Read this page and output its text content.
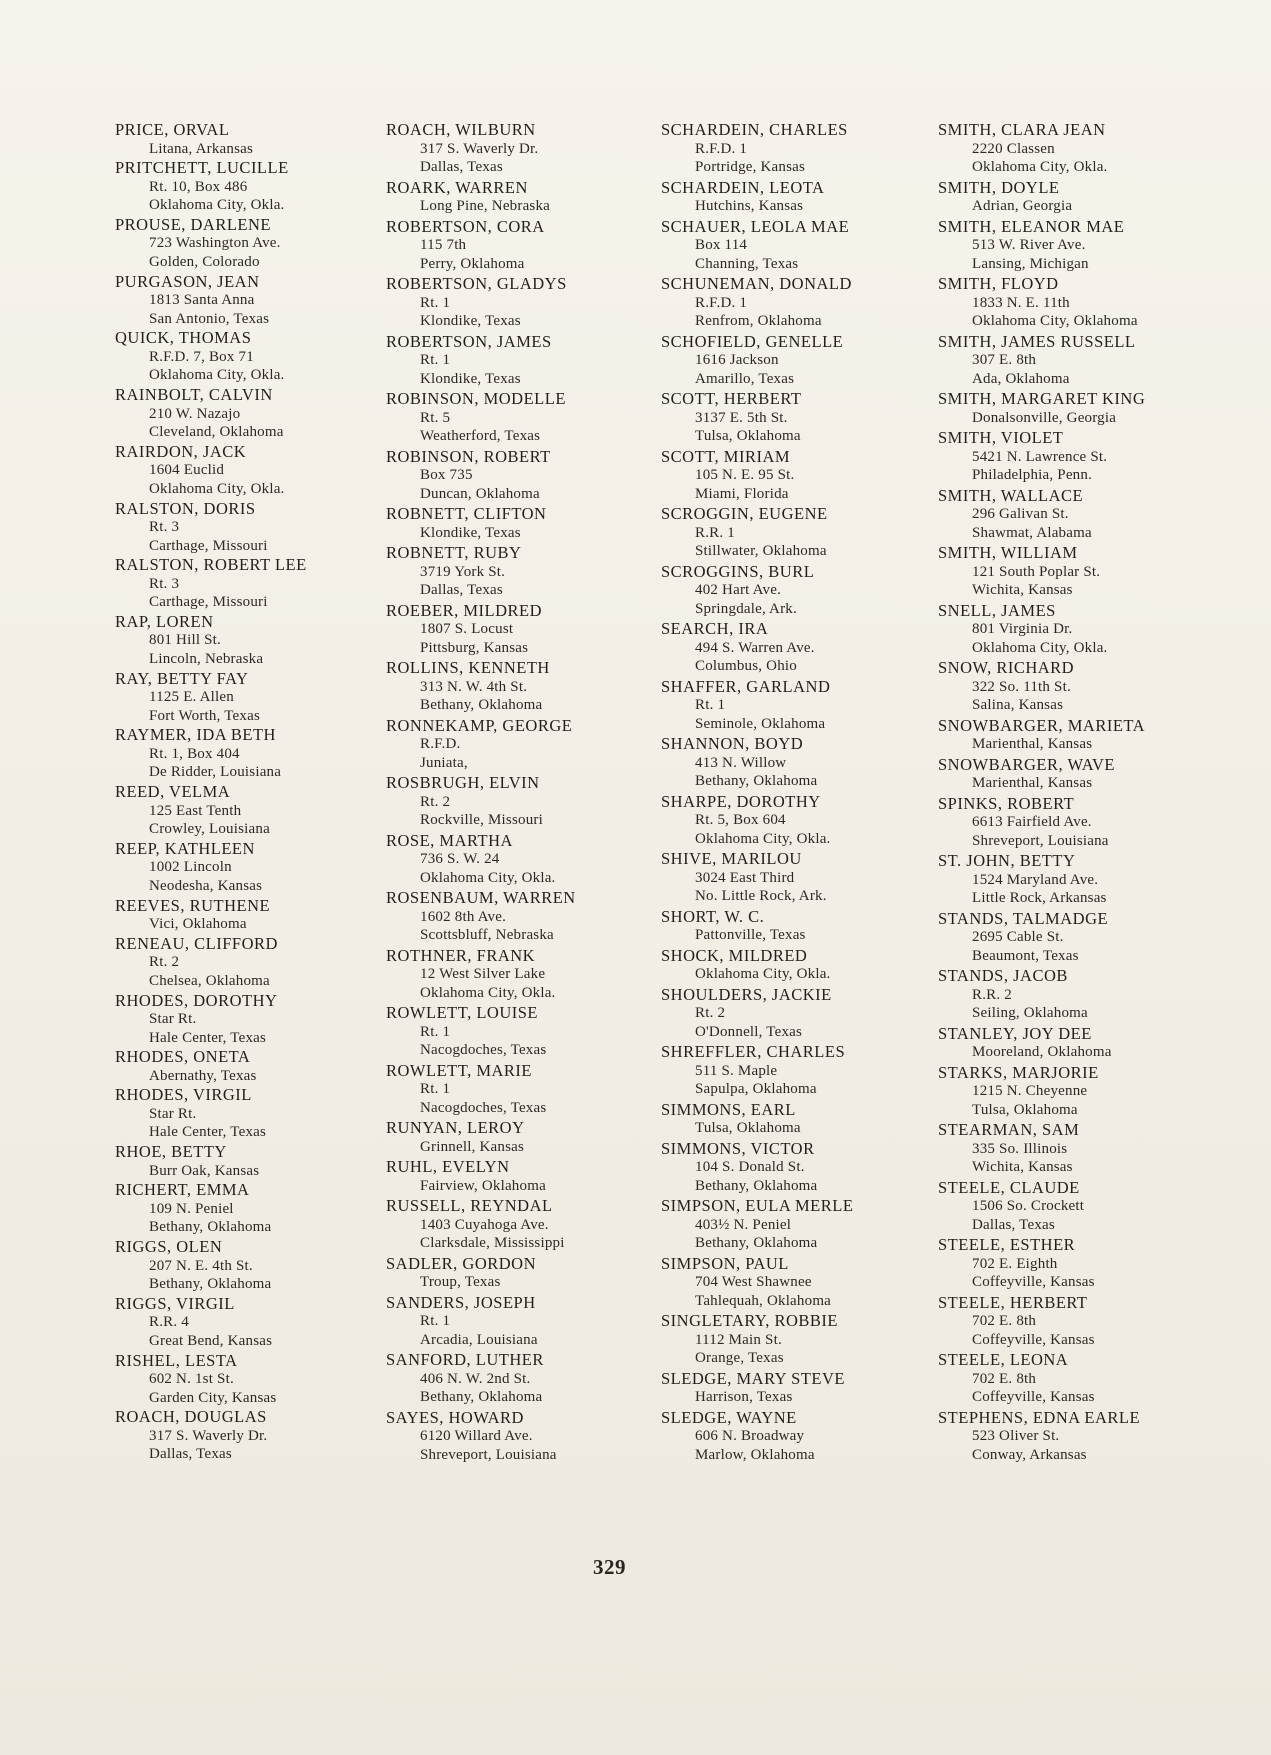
PRICE, ORVAL
Litana, Arkansas
PRITCHETT, LUCILLE
Rt. 10, Box 486
Oklahoma City, Okla.
PROUSE, DARLENE
723 Washington Ave.
Golden, Colorado
PURGASON, JEAN
1813 Santa Anna
San Antonio, Texas
QUICK, THOMAS
R.F.D. 7, Box 71
Oklahoma City, Okla.
RAINBOLT, CALVIN
210 W. Nazajo
Cleveland, Oklahoma
RAIRDON, JACK
1604 Euclid
Oklahoma City, Okla.
RALSTON, DORIS
Rt. 3
Carthage, Missouri
RALSTON, ROBERT LEE
Rt. 3
Carthage, Missouri
RAP, LOREN
801 Hill St.
Lincoln, Nebraska
RAY, BETTY FAY
1125 E. Allen
Fort Worth, Texas
RAYMER, IDA BETH
Rt. 1, Box 404
De Ridder, Louisiana
REED, VELMA
125 East Tenth
Crowley, Louisiana
REEP, KATHLEEN
1002 Lincoln
Neodesha, Kansas
REEVES, RUTHENE
Vici, Oklahoma
RENEAU, CLIFFORD
Rt. 2
Chelsea, Oklahoma
RHODES, DOROTHY
Star Rt.
Hale Center, Texas
RHODES, ONETA
Abernathy, Texas
RHODES, VIRGIL
Star Rt.
Hale Center, Texas
RHOE, BETTY
Burr Oak, Kansas
RICHERT, EMMA
109 N. Peniel
Bethany, Oklahoma
RIGGS, OLEN
207 N. E. 4th St.
Bethany, Oklahoma
RIGGS, VIRGIL
R.R. 4
Great Bend, Kansas
RISHEL, LESTA
602 N. 1st St.
Garden City, Kansas
ROACH, DOUGLAS
317 S. Waverly Dr.
Dallas, Texas
ROACH, WILBURN
317 S. Waverly Dr.
Dallas, Texas
ROARK, WARREN
Long Pine, Nebraska
ROBERTSON, CORA
115 7th
Perry, Oklahoma
ROBERTSON, GLADYS
Rt. 1
Klondike, Texas
ROBERTSON, JAMES
Rt. 1
Klondike, Texas
ROBINSON, MODELLE
Rt. 5
Weatherford, Texas
ROBINSON, ROBERT
Box 735
Duncan, Oklahoma
ROBNETT, CLIFTON
Klondike, Texas
ROBNETT, RUBY
3719 York St.
Dallas, Texas
ROEBER, MILDRED
1807 S. Locust
Pittsburg, Kansas
ROLLINS, KENNETH
313 N. W. 4th St.
Bethany, Oklahoma
RONNEKAMP, GEORGE
R.F.D.
Juniata,
ROSBRUGH, ELVIN
Rt. 2
Rockville, Missouri
ROSE, MARTHA
736 S. W. 24
Oklahoma City, Okla.
ROSENBAUM, WARREN
1602 8th Ave.
Scottsbluff, Nebraska
ROTHNER, FRANK
12 West Silver Lake
Oklahoma City, Okla.
ROWLETT, LOUISE
Rt. 1
Nacogdoches, Texas
ROWLETT, MARIE
Rt. 1
Nacogdoches, Texas
RUNYAN, LEROY
Grinnell, Kansas
RUHL, EVELYN
Fairview, Oklahoma
RUSSELL, REYNDAL
1403 Cuyahoga Ave.
Clarksdale, Mississippi
SADLER, GORDON
Troup, Texas
SANDERS, JOSEPH
Rt. 1
Arcadia, Louisiana
SANFORD, LUTHER
406 N. W. 2nd St.
Bethany, Oklahoma
SAYES, HOWARD
6120 Willard Ave.
Shreveport, Louisiana
SCHARDEIN, CHARLES
R.F.D. 1
Portridge, Kansas
SCHARDEIN, LEOTA
Hutchins, Kansas
SCHAUER, LEOLA MAE
Box 114
Channing, Texas
SCHUNEMAN, DONALD
R.F.D. 1
Renfrom, Oklahoma
SCHOFIELD, GENELLE
1616 Jackson
Amarillo, Texas
SCOTT, HERBERT
3137 E. 5th St.
Tulsa, Oklahoma
SCOTT, MIRIAM
105 N. E. 95 St.
Miami, Florida
SCROGGIN, EUGENE
R.R. 1
Stillwater, Oklahoma
SCROGGINS, BURL
402 Hart Ave.
Springdale, Ark.
SEARCH, IRA
494 S. Warren Ave.
Columbus, Ohio
SHAFFER, GARLAND
Rt. 1
Seminole, Oklahoma
SHANNON, BOYD
413 N. Willow
Bethany, Oklahoma
SHARPE, DOROTHY
Rt. 5, Box 604
Oklahoma City, Okla.
SHIVE, MARILOU
3024 East Third
No. Little Rock, Ark.
SHORT, W. C.
Pattonville, Texas
SHOCK, MILDRED
Oklahoma City, Okla.
SHOULDERS, JACKIE
Rt. 2
O'Donnell, Texas
SHREFFLER, CHARLES
511 S. Maple
Sapulpa, Oklahoma
SIMMONS, EARL
Tulsa, Oklahoma
SIMMONS, VICTOR
104 S. Donald St.
Bethany, Oklahoma
SIMPSON, EULA MERLE
403½ N. Peniel
Bethany, Oklahoma
SIMPSON, PAUL
704 West Shawnee
Tahlequah, Oklahoma
SINGLETARY, ROBBIE
1112 Main St.
Orange, Texas
SLEDGE, MARY STEVE
Harrison, Texas
SLEDGE, WAYNE
606 N. Broadway
Marlow, Oklahoma
SMITH, CLARA JEAN
2220 Classen
Oklahoma City, Okla.
SMITH, DOYLE
Adrian, Georgia
SMITH, ELEANOR MAE
513 W. River Ave.
Lansing, Michigan
SMITH, FLOYD
1833 N. E. 11th
Oklahoma City, Oklahoma
SMITH, JAMES RUSSELL
307 E. 8th
Ada, Oklahoma
SMITH, MARGARET KING
Donalsonville, Georgia
SMITH, VIOLET
5421 N. Lawrence St.
Philadelphia, Penn.
SMITH, WALLACE
296 Galivan St.
Shawmat, Alabama
SMITH, WILLIAM
121 South Poplar St.
Wichita, Kansas
SNELL, JAMES
801 Virginia Dr.
Oklahoma City, Okla.
SNOW, RICHARD
322 So. 11th St.
Salina, Kansas
SNOWBARGER, MARIETA
Marienthal, Kansas
SNOWBARGER, WAVE
Marienthal, Kansas
SPINKS, ROBERT
6613 Fairfield Ave.
Shreveport, Louisiana
ST. JOHN, BETTY
1524 Maryland Ave.
Little Rock, Arkansas
STANDS, TALMADGE
2695 Cable St.
Beaumont, Texas
STANDS, JACOB
R.R. 2
Seiling, Oklahoma
STANLEY, JOY DEE
Mooreland, Oklahoma
STARKS, MARJORIE
1215 N. Cheyenne
Tulsa, Oklahoma
STEARMAN, SAM
335 So. Illinois
Wichita, Kansas
STEELE, CLAUDE
1506 So. Crockett
Dallas, Texas
STEELE, ESTHER
702 E. Eighth
Coffeyville, Kansas
STEELE, HERBERT
702 E. 8th
Coffeyville, Kansas
STEELE, LEONA
702 E. 8th
Coffeyville, Kansas
STEPHENS, EDNA EARLE
523 Oliver St.
Conway, Arkansas
329
